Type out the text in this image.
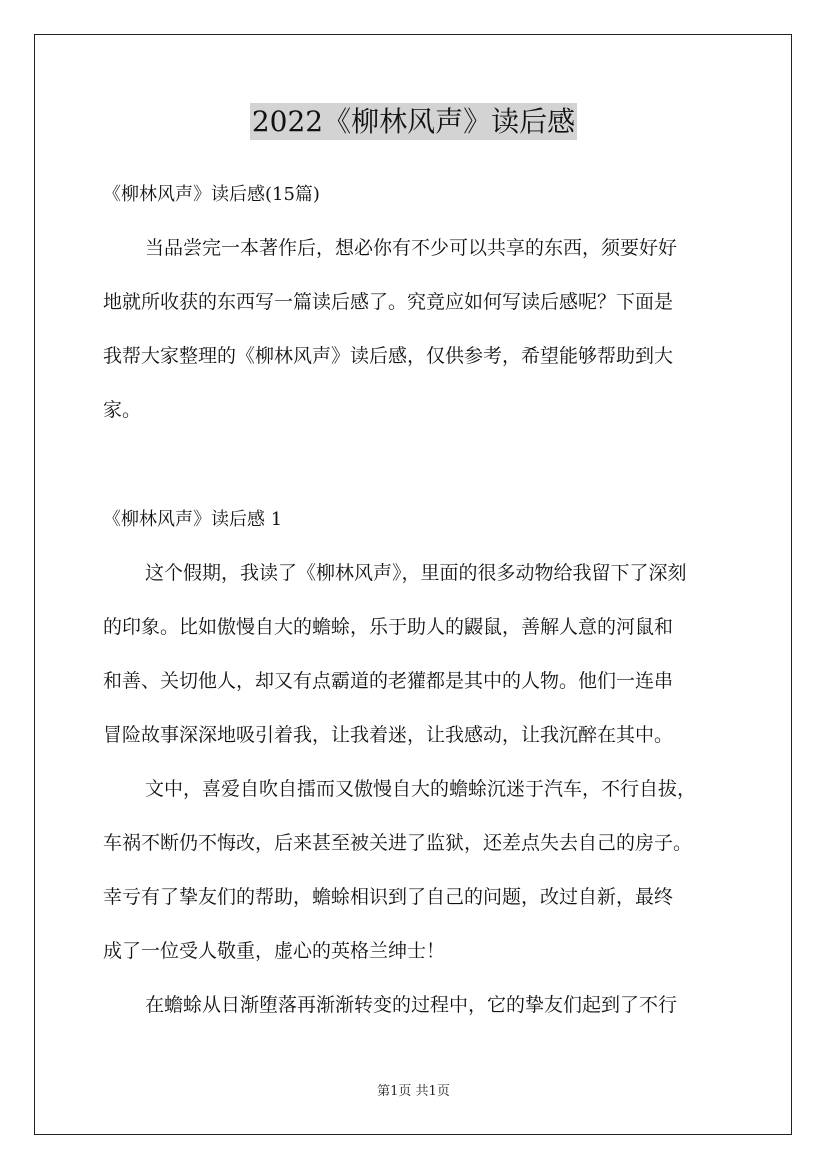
2022《柳林风声》读后感
《柳林风声》读后感(15篇)
当品尝完一本著作后，想必你有不少可以共享的东西，须要好好
地就所收获的东西写一篇读后感了。究竟应如何写读后感呢？下面是
我帮大家整理的《柳林风声》读后感，仅供参考，希望能够帮助到大
家。
《柳林风声》读后感 1
这个假期，我读了《柳林风声》，里面的很多动物给我留下了深刻
的印象。比如傲慢自大的蟾蜍，乐于助人的鼹鼠，善解人意的河鼠和
和善、关切他人，却又有点霸道的老獾都是其中的人物。他们一连串
冒险故事深深地吸引着我，让我着迷，让我感动，让我沉醉在其中。
文中，喜爱自吹自擂而又傲慢自大的蟾蜍沉迷于汽车，不行自拔，
车祸不断仍不悔改，后来甚至被关进了监狱，还差点失去自己的房子。
幸亏有了挚友们的帮助，蟾蜍相识到了自己的问题，改过自新，最终
成了一位受人敬重，虚心的英格兰绅士！
在蟾蜍从日渐堕落再渐渐转变的过程中，它的挚友们起到了不行
第1页 共1页
